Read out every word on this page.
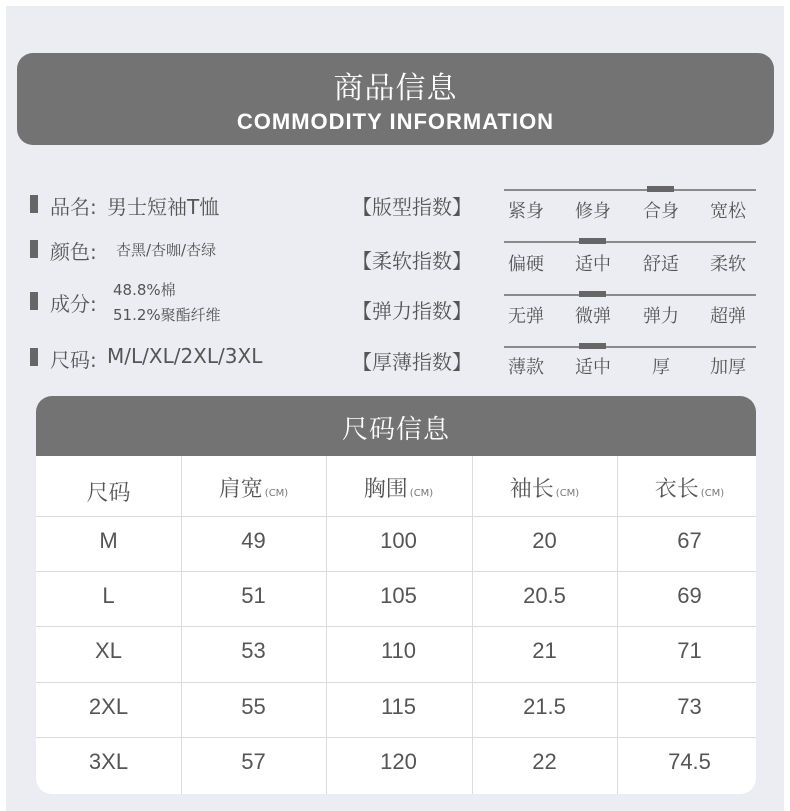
商品信息
COMMODITY INFORMATION
品名: 男士短袖T恤
颜色: 杏黑/杏咖/杏绿
成分:
48.8%棉
51.2%聚酯纤维
尺码: M/L/XL/2XL/3XL
【版型指数】 紧身 修身 合身 宽松
【柔软指数】 偏硬 适中 舒适 柔软
【弹力指数】 无弹 微弹 弹力 超弹
【厚薄指数】 薄款 适中 厚 加厚
尺码信息
尺码	肩宽 (CM)	胸围 (CM)	袖长 (CM)	衣长 (CM)
M	49	100	20	67
L	51	105	20.5	69
XL	53	110	21	71
2XL	55	115	21.5	73
3XL	57	120	22	74.5
